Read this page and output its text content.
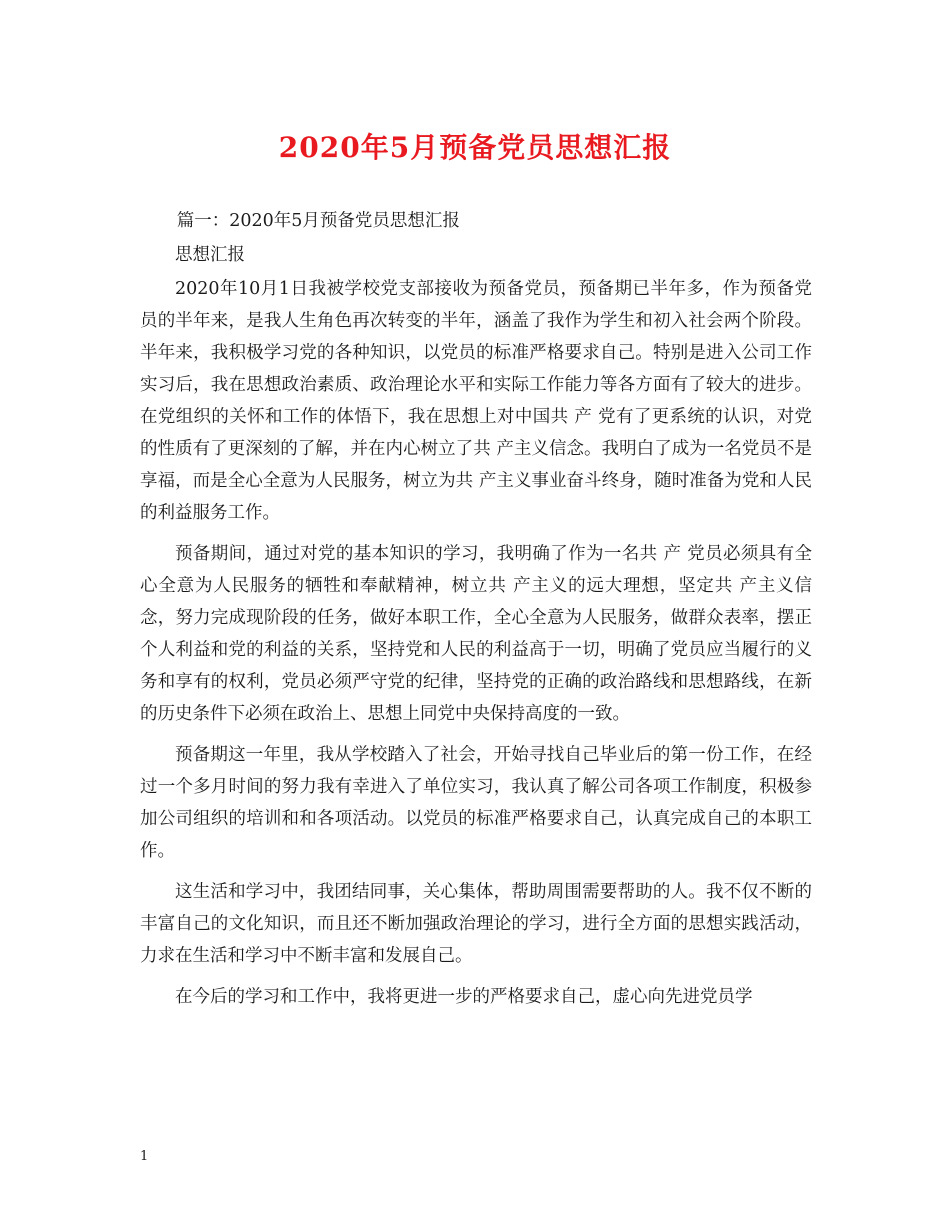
2020年5月预备党员思想汇报

篇一：2020年5月预备党员思想汇报

思想汇报

2020年10月1日我被学校党支部接收为预备党员，预备期已半年多，作为预备党员的半年来，是我人生角色再次转变的半年，涵盖了我作为学生和初入社会两个阶段。半年来，我积极学习党的各种知识，以党员的标准严格要求自己。特别是进入公司工作实习后，我在思想政治素质、政治理论水平和实际工作能力等各方面有了较大的进步。在党组织的关怀和工作的体悟下，我在思想上对中国共 产 党有了更系统的认识，对党的性质有了更深刻的了解，并在内心树立了共 产主义信念。我明白了成为一名党员不是享福，而是全心全意为人民服务，树立为共 产主义事业奋斗终身，随时准备为党和人民的利益服务工作。

预备期间，通过对党的基本知识的学习，我明确了作为一名共 产 党员必须具有全心全意为人民服务的牺牲和奉献精神，树立共 产主义的远大理想，坚定共 产主义信念，努力完成现阶段的任务，做好本职工作，全心全意为人民服务，做群众表率，摆正个人利益和党的利益的关系，坚持党和人民的利益高于一切，明确了党员应当履行的义务和享有的权利，党员必须严守党的纪律，坚持党的正确的政治路线和思想路线，在新的历史条件下必须在政治上、思想上同党中央保持高度的一致。

预备期这一年里，我从学校踏入了社会，开始寻找自己毕业后的第一份工作，在经过一个多月时间的努力我有幸进入了单位实习，我认真了解公司各项工作制度，积极参加公司组织的培训和和各项活动。以党员的标准严格要求自己，认真完成自己的本职工作。

这生活和学习中，我团结同事，关心集体，帮助周围需要帮助的人。我不仅不断的丰富自己的文化知识，而且还不断加强政治理论的学习，进行全方面的思想实践活动，力求在生活和学习中不断丰富和发展自己。

在今后的学习和工作中，我将更进一步的严格要求自己，虚心向先进党员学

1
